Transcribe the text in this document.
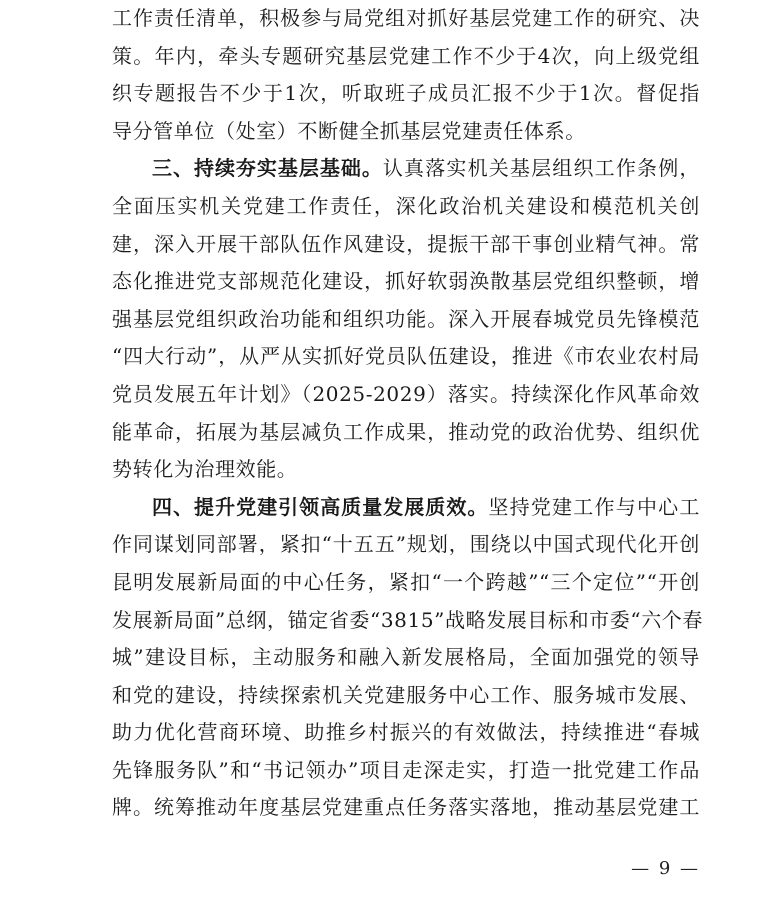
工作责任清单，积极参与局党组对抓好基层党建工作的研究、决
策。年内，牵头专题研究基层党建工作不少于4次，向上级党组
织专题报告不少于1次，听取班子成员汇报不少于1次。督促指
导分管单位（处室）不断健全抓基层党建责任体系。
三、持续夯实基层基础。认真落实机关基层组织工作条例，
全面压实机关党建工作责任，深化政治机关建设和模范机关创
建，深入开展干部队伍作风建设，提振干部干事创业精气神。常
态化推进党支部规范化建设，抓好软弱涣散基层党组织整顿，增
强基层党组织政治功能和组织功能。深入开展春城党员先锋模范
“四大行动”，从严从实抓好党员队伍建设，推进《市农业农村局
党员发展五年计划》（2025-2029）落实。持续深化作风革命效
能革命，拓展为基层减负工作成果，推动党的政治优势、组织优
势转化为治理效能。
四、提升党建引领高质量发展质效。坚持党建工作与中心工
作同谋划同部署，紧扣“十五五”规划，围绕以中国式现代化开创
昆明发展新局面的中心任务，紧扣“一个跨越”“三个定位”“开创
发展新局面”总纲，锚定省委“3815”战略发展目标和市委“六个春
城”建设目标，主动服务和融入新发展格局，全面加强党的领导
和党的建设，持续探索机关党建服务中心工作、服务城市发展、
助力优化营商环境、助推乡村振兴的有效做法，持续推进“春城
先锋服务队”和“书记领办”项目走深走实，打造一批党建工作品
牌。统筹推动年度基层党建重点任务落实落地，推动基层党建工
— 9 —
